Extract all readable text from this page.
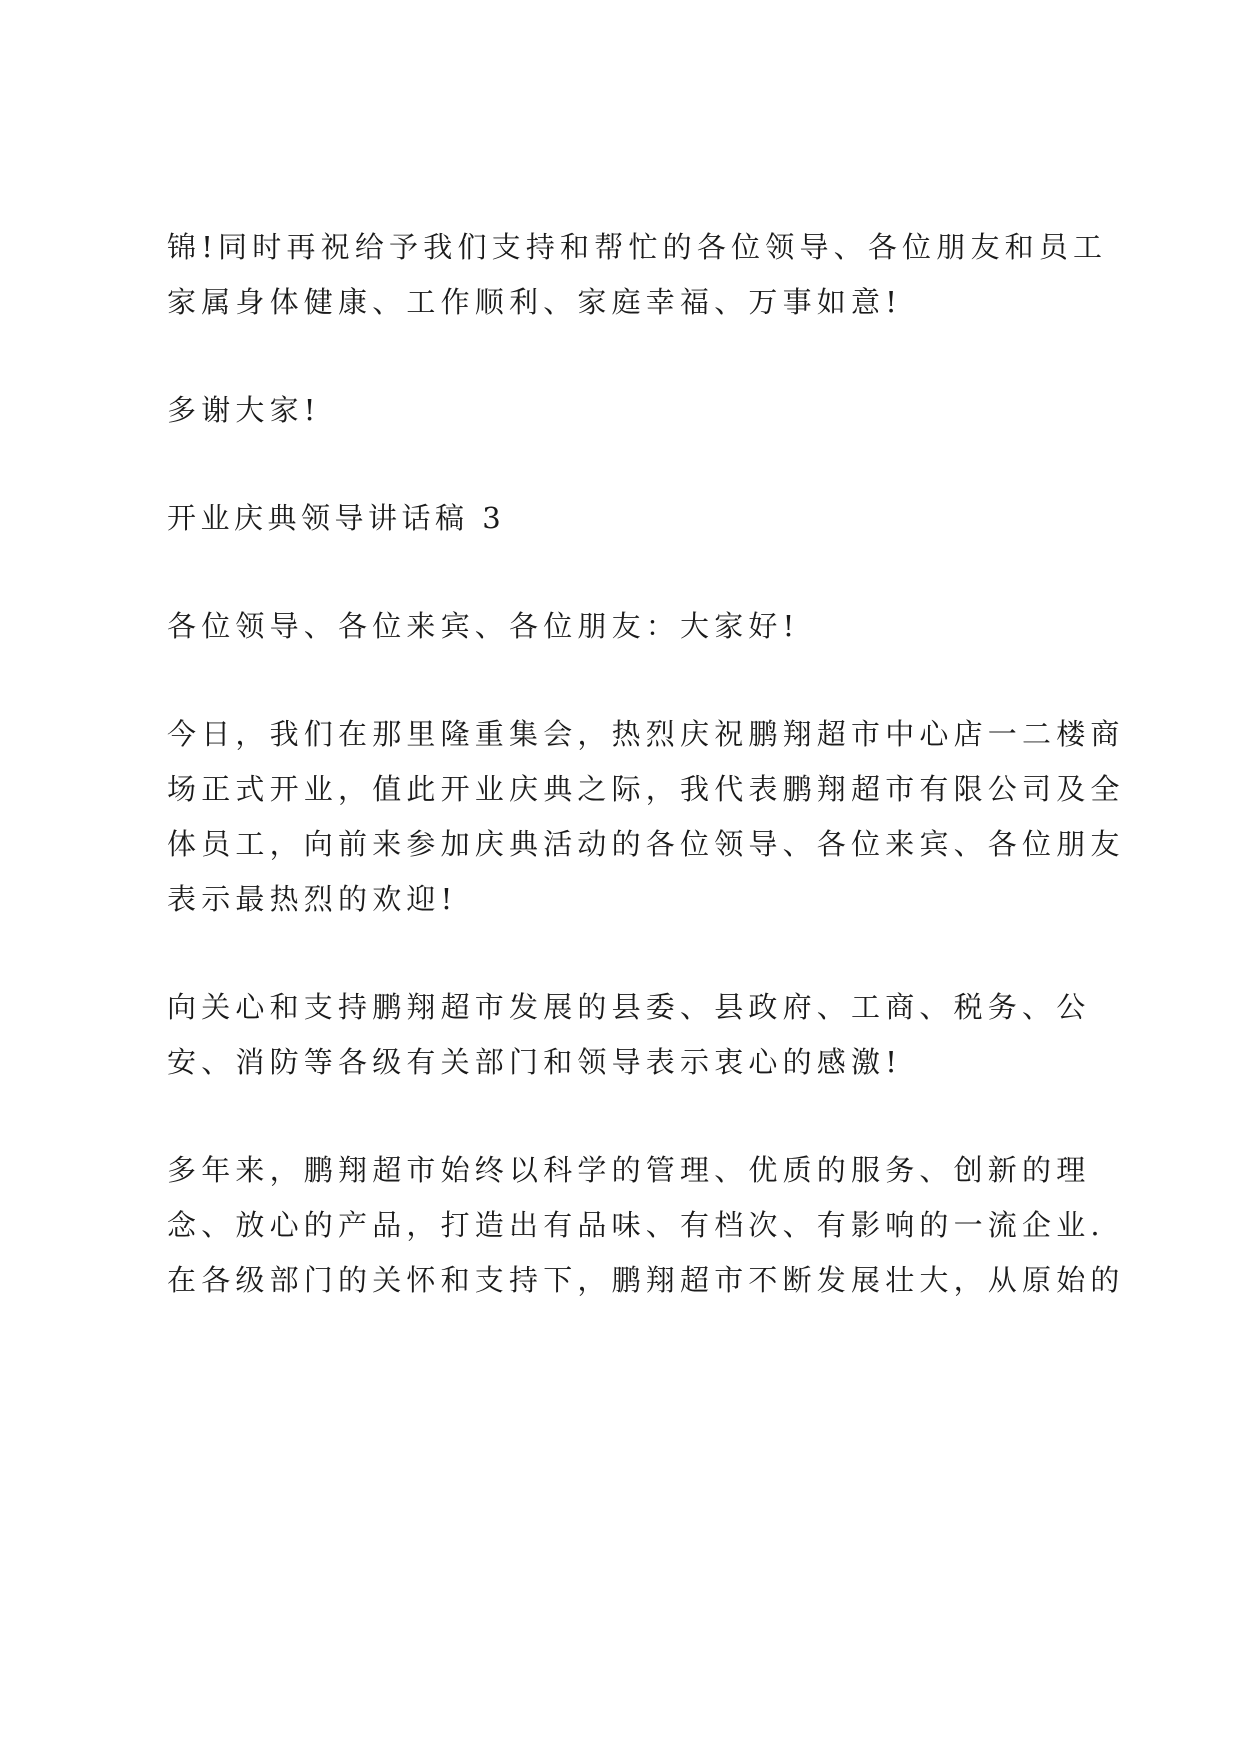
锦!同时再祝给予我们支持和帮忙的各位领导、各位朋友和员工
家属身体健康、工作顺利、家庭幸福、万事如意!

多谢大家!

开业庆典领导讲话稿 3

各位领导、各位来宾、各位朋友：大家好!

今日，我们在那里隆重集会，热烈庆祝鹏翔超市中心店一二楼商
场正式开业，值此开业庆典之际，我代表鹏翔超市有限公司及全
体员工，向前来参加庆典活动的各位领导、各位来宾、各位朋友
表示最热烈的欢迎!

向关心和支持鹏翔超市发展的县委、县政府、工商、税务、公
安、消防等各级有关部门和领导表示衷心的感激!

多年来，鹏翔超市始终以科学的管理、优质的服务、创新的理
念、放心的产品，打造出有品味、有档次、有影响的一流企业.
在各级部门的关怀和支持下，鹏翔超市不断发展壮大，从原始的
